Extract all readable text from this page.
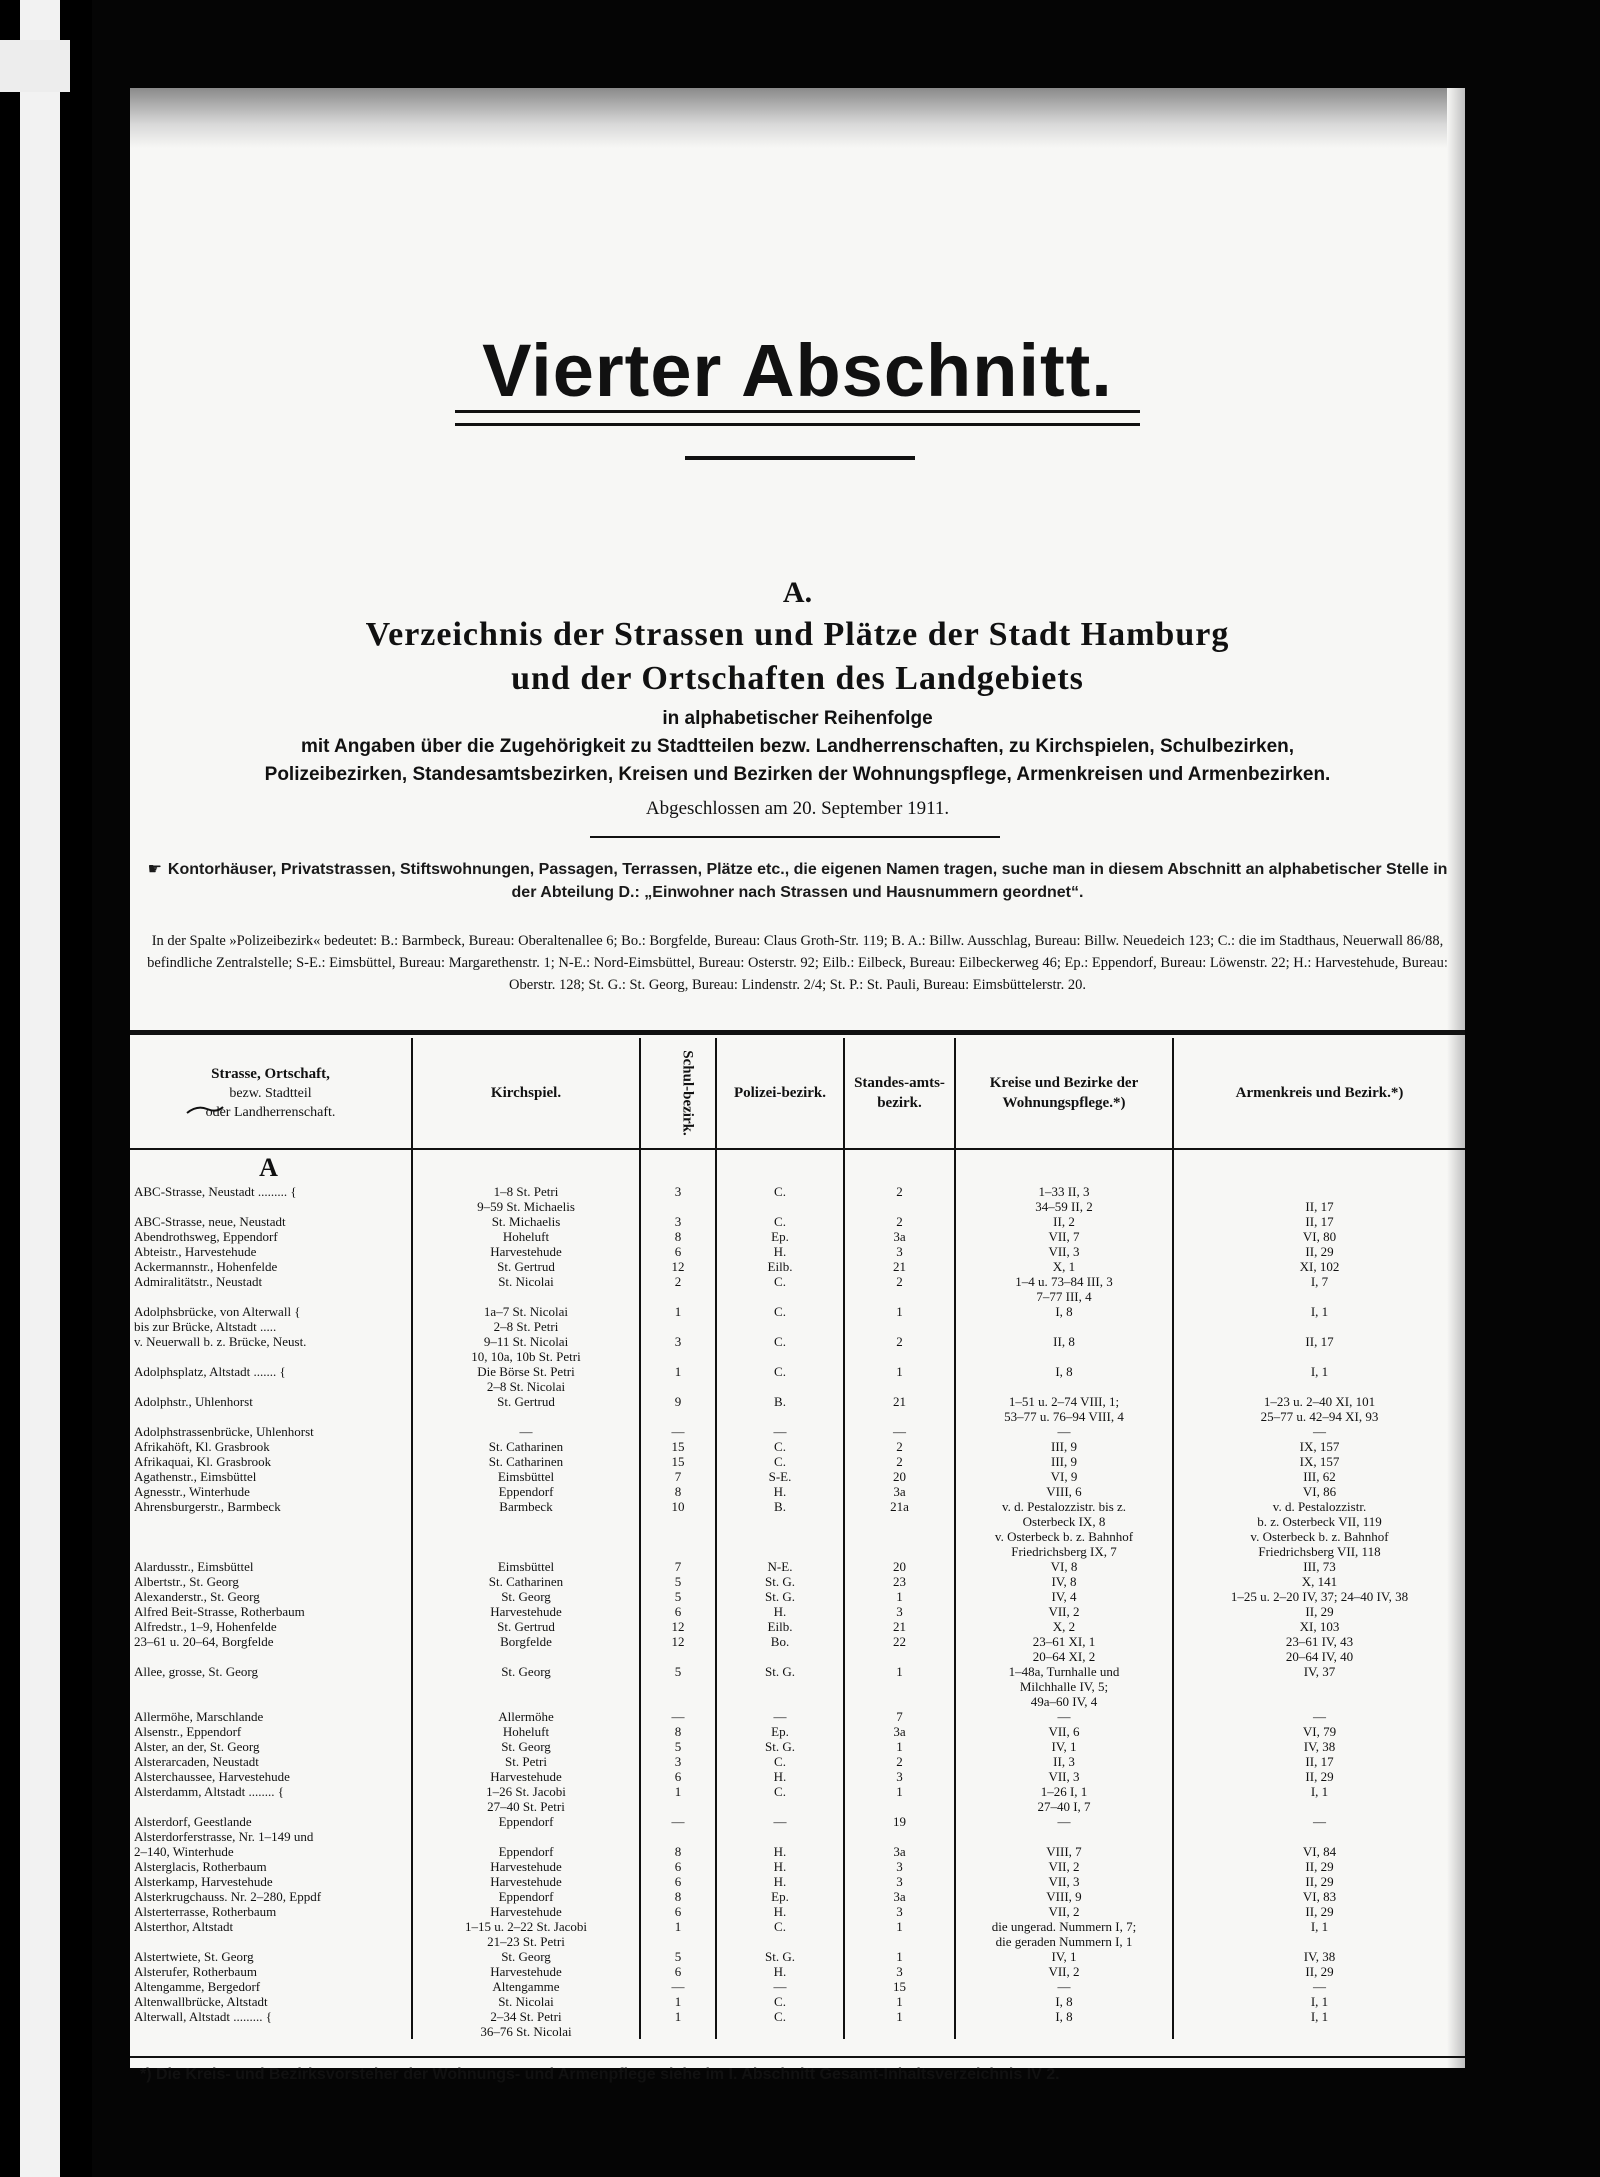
Vierter Abschnitt.
A.
Verzeichnis der Strassen und Plätze der Stadt Hamburg
und der Ortschaften des Landgebiets
in alphabetischer Reihenfolge
mit Angaben über die Zugehörigkeit zu Stadtteilen bezw. Landherrenschaften, zu Kirchspielen, Schulbezirken,
Polizeibezirken, Standesamtsbezirken, Kreisen und Bezirken der Wohnungspflege, Armenkreisen und Armenbezirken.
Abgeschlossen am 20. September 1911.
☛ Kontorhäuser, Privatstrassen, Stiftswohnungen, Passagen, Terrassen, Plätze etc., die eigenen Namen tragen, suche man in diesem Abschnitt an alphabetischer Stelle in der Abteilung D.: „Einwohner nach Strassen und Hausnummern geordnet“.
In der Spalte »Polizeibezirk« bedeutet: B.: Barmbeck, Bureau: Oberaltenallee 6; Bo.: Borgfelde, Bureau: Claus Groth-Str. 119; B. A.: Billw. Ausschlag, Bureau: Billw. Neuedeich 123; C.: die im Stadthaus, Neuerwall 86/88, befindliche Zentralstelle; S-E.: Eimsbüttel, Bureau: Margarethenstr. 1; N-E.: Nord-Eimsbüttel, Bureau: Osterstr. 92; Eilb.: Eilbeck, Bureau: Eilbeckerweg 46; Ep.: Eppendorf, Bureau: Löwenstr. 22; H.: Harvestehude, Bureau: Oberstr. 128; St. G.: St. Georg, Bureau: Lindenstr. 2/4; St. P.: St. Pauli, Bureau: Eimsbüttelerstr. 20.
Strasse, Ortschaft,
bezw. Stadtteil
oder Landherrenschaft.	Kirchspiel.	Schul-bezirk.	Polizei-bezirk.	Standes-amts-bezirk.	Kreise und Bezirke der Wohnungspflege.*)	Armenkreis und Bezirk.*)
A						
ABC-Strasse, Neustadt ......... {	1–8 St. Petri	3	C.	2	1–33 II, 3	
	9–59 St. Michaelis				34–59 II, 2	II, 17
ABC-Strasse, neue, Neustadt	St. Michaelis	3	C.	2	II, 2	II, 17
Abendrothsweg, Eppendorf	Hoheluft	8	Ep.	3a	VII, 7	VI, 80
Abteistr., Harvestehude	Harvestehude	6	H.	3	VII, 3	II, 29
Ackermannstr., Hohenfelde	St. Gertrud	12	Eilb.	21	X, 1	XI, 102
Admiralitätstr., Neustadt	St. Nicolai	2	C.	2	1–4 u. 73–84 III, 3	I, 7
					7–77 III, 4	
Adolphsbrücke, von Alterwall {	1a–7 St. Nicolai	1	C.	1	I, 8	I, 1
bis zur Brücke, Altstadt .....	2–8 St. Petri					
v. Neuerwall b. z. Brücke, Neust.	9–11 St. Nicolai	3	C.	2	II, 8	II, 17
	10, 10a, 10b St. Petri					
Adolphsplatz, Altstadt ....... {	Die Börse St. Petri	1	C.	1	I, 8	I, 1
	2–8 St. Nicolai					
Adolphstr., Uhlenhorst	St. Gertrud	9	B.	21	1–51 u. 2–74 VIII, 1;	1–23 u. 2–40 XI, 101
					53–77 u. 76–94 VIII, 4	25–77 u. 42–94 XI, 93
Adolphstrassenbrücke, Uhlenhorst	—	—	—	—	—	—
Afrikahöft, Kl. Grasbrook	St. Catharinen	15	C.	2	III, 9	IX, 157
Afrikaquai, Kl. Grasbrook	St. Catharinen	15	C.	2	III, 9	IX, 157
Agathenstr., Eimsbüttel	Eimsbüttel	7	S-E.	20	VI, 9	III, 62
Agnesstr., Winterhude	Eppendorf	8	H.	3a	VIII, 6	VI, 86
Ahrensburgerstr., Barmbeck	Barmbeck	10	B.	21a	v. d. Pestalozzistr. bis z.	v. d. Pestalozzistr.
					Osterbeck IX, 8	b. z. Osterbeck VII, 119
					v. Osterbeck b. z. Bahnhof	v. Osterbeck b. z. Bahnhof
					Friedrichsberg IX, 7	Friedrichsberg VII, 118
Alardusstr., Eimsbüttel	Eimsbüttel	7	N-E.	20	VI, 8	III, 73
Albertstr., St. Georg	St. Catharinen	5	St. G.	23	IV, 8	X, 141
Alexanderstr., St. Georg	St. Georg	5	St. G.	1	IV, 4	1–25 u. 2–20 IV, 37; 24–40 IV, 38
Alfred Beit-Strasse, Rotherbaum	Harvestehude	6	H.	3	VII, 2	II, 29
Alfredstr., 1–9, Hohenfelde	St. Gertrud	12	Eilb.	21	X, 2	XI, 103
23–61 u. 20–64, Borgfelde	Borgfelde	12	Bo.	22	23–61 XI, 1	23–61 IV, 43
					20–64 XI, 2	20–64 IV, 40
Allee, grosse, St. Georg	St. Georg	5	St. G.	1	1–48a, Turnhalle und	IV, 37
					Milchhalle IV, 5;	
					49a–60 IV, 4	
Allermöhe, Marschlande	Allermöhe	—	—	7	—	—
Alsenstr., Eppendorf	Hoheluft	8	Ep.	3a	VII, 6	VI, 79
Alster, an der, St. Georg	St. Georg	5	St. G.	1	IV, 1	IV, 38
Alsterarcaden, Neustadt	St. Petri	3	C.	2	II, 3	II, 17
Alsterchaussee, Harvestehude	Harvestehude	6	H.	3	VII, 3	II, 29
Alsterdamm, Altstadt ........ {	1–26 St. Jacobi	1	C.	1	1–26 I, 1	I, 1
	27–40 St. Petri				27–40 I, 7	
Alsterdorf, Geestlande	Eppendorf	—	—	19	—	—
Alsterdorferstrasse, Nr. 1–149 und						
2–140, Winterhude	Eppendorf	8	H.	3a	VIII, 7	VI, 84
Alsterglacis, Rotherbaum	Harvestehude	6	H.	3	VII, 2	II, 29
Alsterkamp, Harvestehude	Harvestehude	6	H.	3	VII, 3	II, 29
Alsterkrugchauss. Nr. 2–280, Eppdf	Eppendorf	8	Ep.	3a	VIII, 9	VI, 83
Alsterterrasse, Rotherbaum	Harvestehude	6	H.	3	VII, 2	II, 29
Alsterthor, Altstadt	1–15 u. 2–22 St. Jacobi	1	C.	1	die ungerad. Nummern I, 7;	I, 1
	21–23 St. Petri				die geraden Nummern I, 1	
Alstertwiete, St. Georg	St. Georg	5	St. G.	1	IV, 1	IV, 38
Alsterufer, Rotherbaum	Harvestehude	6	H.	3	VII, 2	II, 29
Altengamme, Bergedorf	Altengamme	—	—	15	—	—
Altenwallbrücke, Altstadt	St. Nicolai	1	C.	1	I, 8	I, 1
Alterwall, Altstadt ......... {	2–34 St. Petri	1	C.	1	I, 8	I, 1
	36–76 St. Nicolai					
*) Die Kreis- und Bezirksvorsteher der Wohnungs- und Armenpflege siehe im I. Abschnitt Gesamt-Inhaltsverzeichnis IV 2.
